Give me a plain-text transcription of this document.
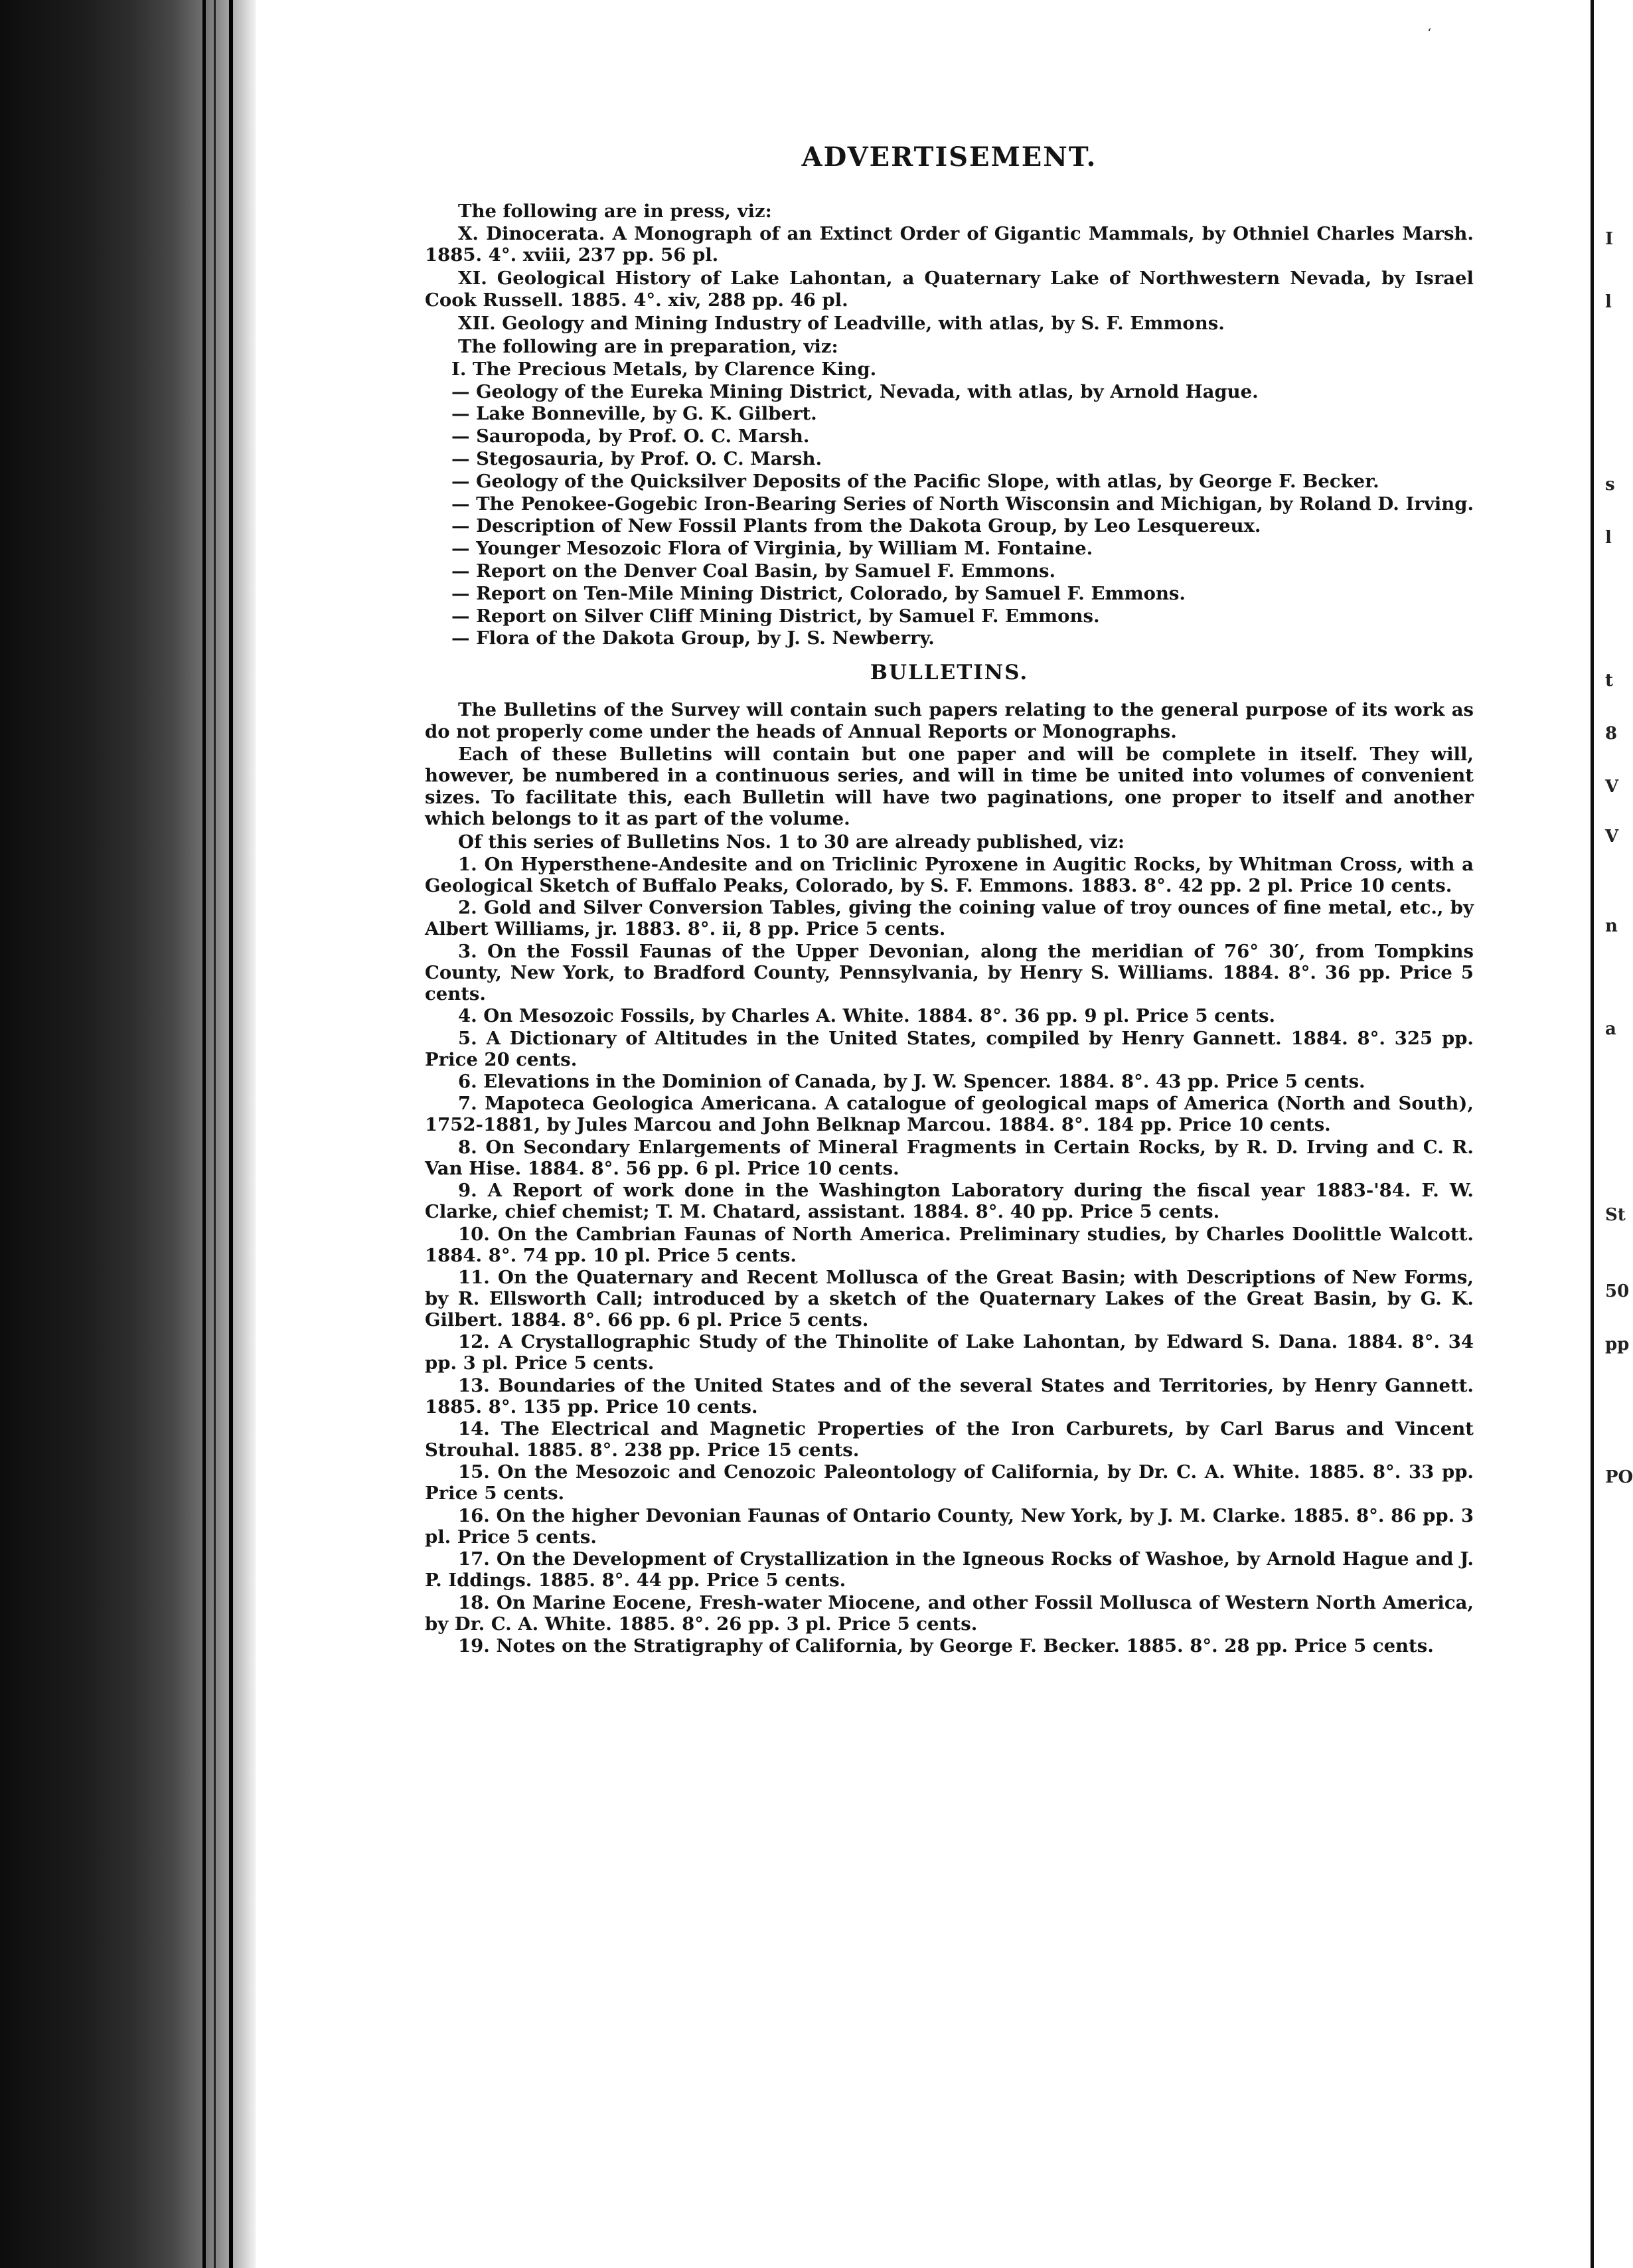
ʻ
I
l
s
l
t
8
V
V
n
a
St
50
pp
PO
ADVERTISEMENT.

The following are in press, viz:

X. Dinocerata. A Monograph of an Extinct Order of Gigantic Mammals, by Othniel Charles Marsh. 1885. 4°. xviii, 237 pp. 56 pl.

XI. Geological History of Lake Lahontan, a Quaternary Lake of Northwestern Nevada, by Israel Cook Russell. 1885. 4°. xiv, 288 pp. 46 pl.

XII. Geology and Mining Industry of Leadville, with atlas, by S. F. Emmons.

The following are in preparation, viz:

I. The Precious Metals, by Clarence King.

— Geology of the Eureka Mining District, Nevada, with atlas, by Arnold Hague.

— Lake Bonneville, by G. K. Gilbert.

— Sauropoda, by Prof. O. C. Marsh.

— Stegosauria, by Prof. O. C. Marsh.

— Geology of the Quicksilver Deposits of the Pacific Slope, with atlas, by George F. Becker.

— The Penokee-Gogebic Iron-Bearing Series of North Wisconsin and Michigan, by Roland D. Irving.

— Description of New Fossil Plants from the Dakota Group, by Leo Lesquereux.

— Younger Mesozoic Flora of Virginia, by William M. Fontaine.

— Report on the Denver Coal Basin, by Samuel F. Emmons.

— Report on Ten-Mile Mining District, Colorado, by Samuel F. Emmons.

— Report on Silver Cliff Mining District, by Samuel F. Emmons.

— Flora of the Dakota Group, by J. S. Newberry.

BULLETINS.

The Bulletins of the Survey will contain such papers relating to the general purpose of its work as do not properly come under the heads of Annual Reports or Monographs.

Each of these Bulletins will contain but one paper and will be complete in itself. They will, however, be numbered in a continuous series, and will in time be united into volumes of convenient sizes. To facilitate this, each Bulletin will have two paginations, one proper to itself and another which belongs to it as part of the volume.

Of this series of Bulletins Nos. 1 to 30 are already published, viz:

1. On Hypersthene-Andesite and on Triclinic Pyroxene in Augitic Rocks, by Whitman Cross, with a Geological Sketch of Buffalo Peaks, Colorado, by S. F. Emmons. 1883. 8°. 42 pp. 2 pl. Price 10 cents.

2. Gold and Silver Conversion Tables, giving the coining value of troy ounces of fine metal, etc., by Albert Williams, jr. 1883. 8°. ii, 8 pp. Price 5 cents.

3. On the Fossil Faunas of the Upper Devonian, along the meridian of 76° 30′, from Tompkins County, New York, to Bradford County, Pennsylvania, by Henry S. Williams. 1884. 8°. 36 pp. Price 5 cents.

4. On Mesozoic Fossils, by Charles A. White. 1884. 8°. 36 pp. 9 pl. Price 5 cents.

5. A Dictionary of Altitudes in the United States, compiled by Henry Gannett. 1884. 8°. 325 pp. Price 20 cents.

6. Elevations in the Dominion of Canada, by J. W. Spencer. 1884. 8°. 43 pp. Price 5 cents.

7. Mapoteca Geologica Americana. A catalogue of geological maps of America (North and South), 1752-1881, by Jules Marcou and John Belknap Marcou. 1884. 8°. 184 pp. Price 10 cents.

8. On Secondary Enlargements of Mineral Fragments in Certain Rocks, by R. D. Irving and C. R. Van Hise. 1884. 8°. 56 pp. 6 pl. Price 10 cents.

9. A Report of work done in the Washington Laboratory during the fiscal year 1883-'84. F. W. Clarke, chief chemist; T. M. Chatard, assistant. 1884. 8°. 40 pp. Price 5 cents.

10. On the Cambrian Faunas of North America. Preliminary studies, by Charles Doolittle Walcott. 1884. 8°. 74 pp. 10 pl. Price 5 cents.

11. On the Quaternary and Recent Mollusca of the Great Basin; with Descriptions of New Forms, by R. Ellsworth Call; introduced by a sketch of the Quaternary Lakes of the Great Basin, by G. K. Gilbert. 1884. 8°. 66 pp. 6 pl. Price 5 cents.

12. A Crystallographic Study of the Thinolite of Lake Lahontan, by Edward S. Dana. 1884. 8°. 34 pp. 3 pl. Price 5 cents.

13. Boundaries of the United States and of the several States and Territories, by Henry Gannett. 1885. 8°. 135 pp. Price 10 cents.

14. The Electrical and Magnetic Properties of the Iron Carburets, by Carl Barus and Vincent Strouhal. 1885. 8°. 238 pp. Price 15 cents.

15. On the Mesozoic and Cenozoic Paleontology of California, by Dr. C. A. White. 1885. 8°. 33 pp. Price 5 cents.

16. On the higher Devonian Faunas of Ontario County, New York, by J. M. Clarke. 1885. 8°. 86 pp. 3 pl. Price 5 cents.

17. On the Development of Crystallization in the Igneous Rocks of Washoe, by Arnold Hague and J. P. Iddings. 1885. 8°. 44 pp. Price 5 cents.

18. On Marine Eocene, Fresh-water Miocene, and other Fossil Mollusca of Western North America, by Dr. C. A. White. 1885. 8°. 26 pp. 3 pl. Price 5 cents.

19. Notes on the Stratigraphy of California, by George F. Becker. 1885. 8°. 28 pp. Price 5 cents.
